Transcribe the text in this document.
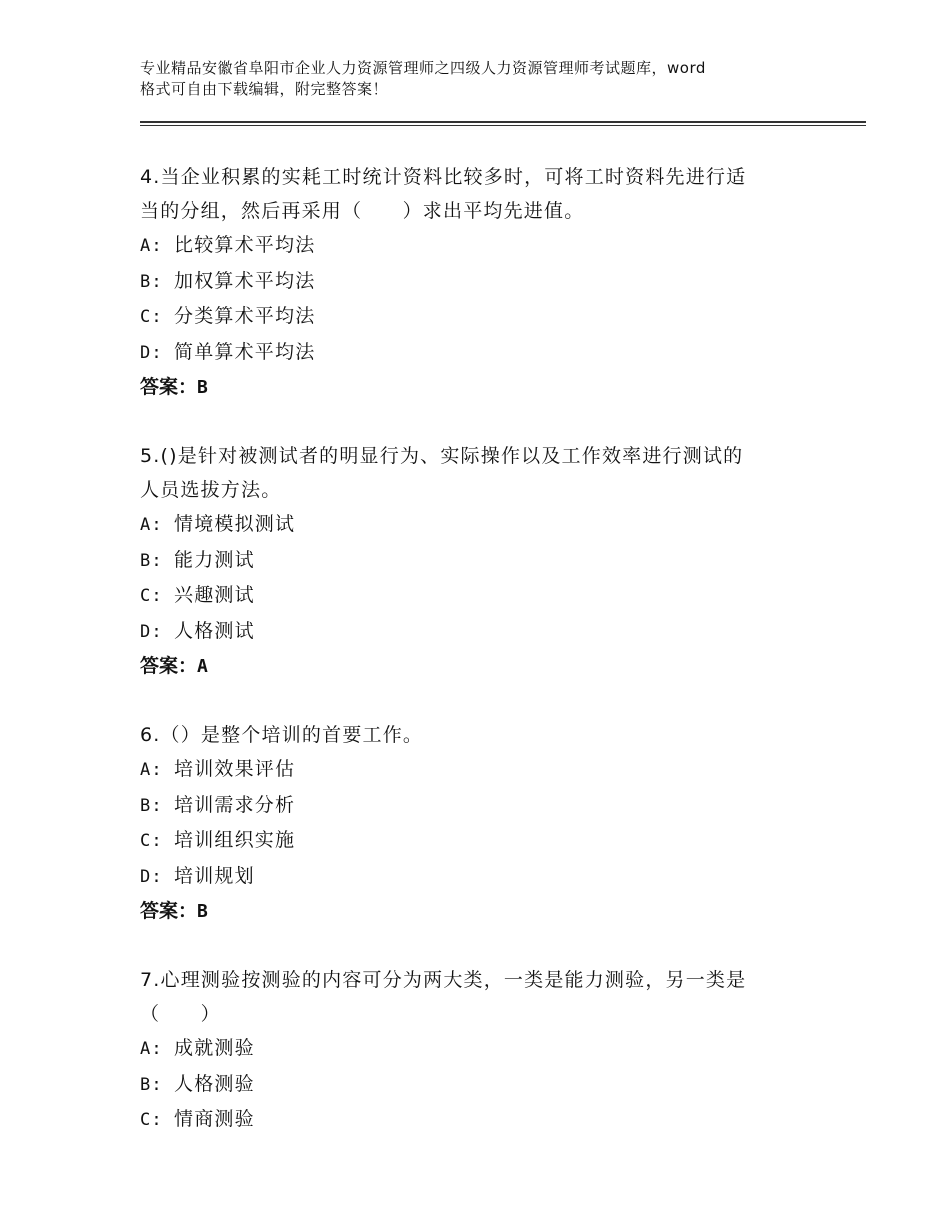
专业精品安徽省阜阳市企业人力资源管理师之四级人力资源管理师考试题库，word
格式可自由下载编辑，附完整答案！
4.当企业积累的实耗工时统计资料比较多时，可将工时资料先进行适
当的分组，然后再采用（　　）求出平均先进值。
A: 比较算术平均法
B: 加权算术平均法
C: 分类算术平均法
D: 简单算术平均法
答案：B
5.()是针对被测试者的明显行为、实际操作以及工作效率进行测试的
人员选拔方法。
A: 情境模拟测试
B: 能力测试
C: 兴趣测试
D: 人格测试
答案：A
6.（）是整个培训的首要工作。
A: 培训效果评估
B: 培训需求分析
C: 培训组织实施
D: 培训规划
答案：B
7.心理测验按测验的内容可分为两大类，一类是能力测验，另一类是
（　　）
A: 成就测验
B: 人格测验
C: 情商测验
